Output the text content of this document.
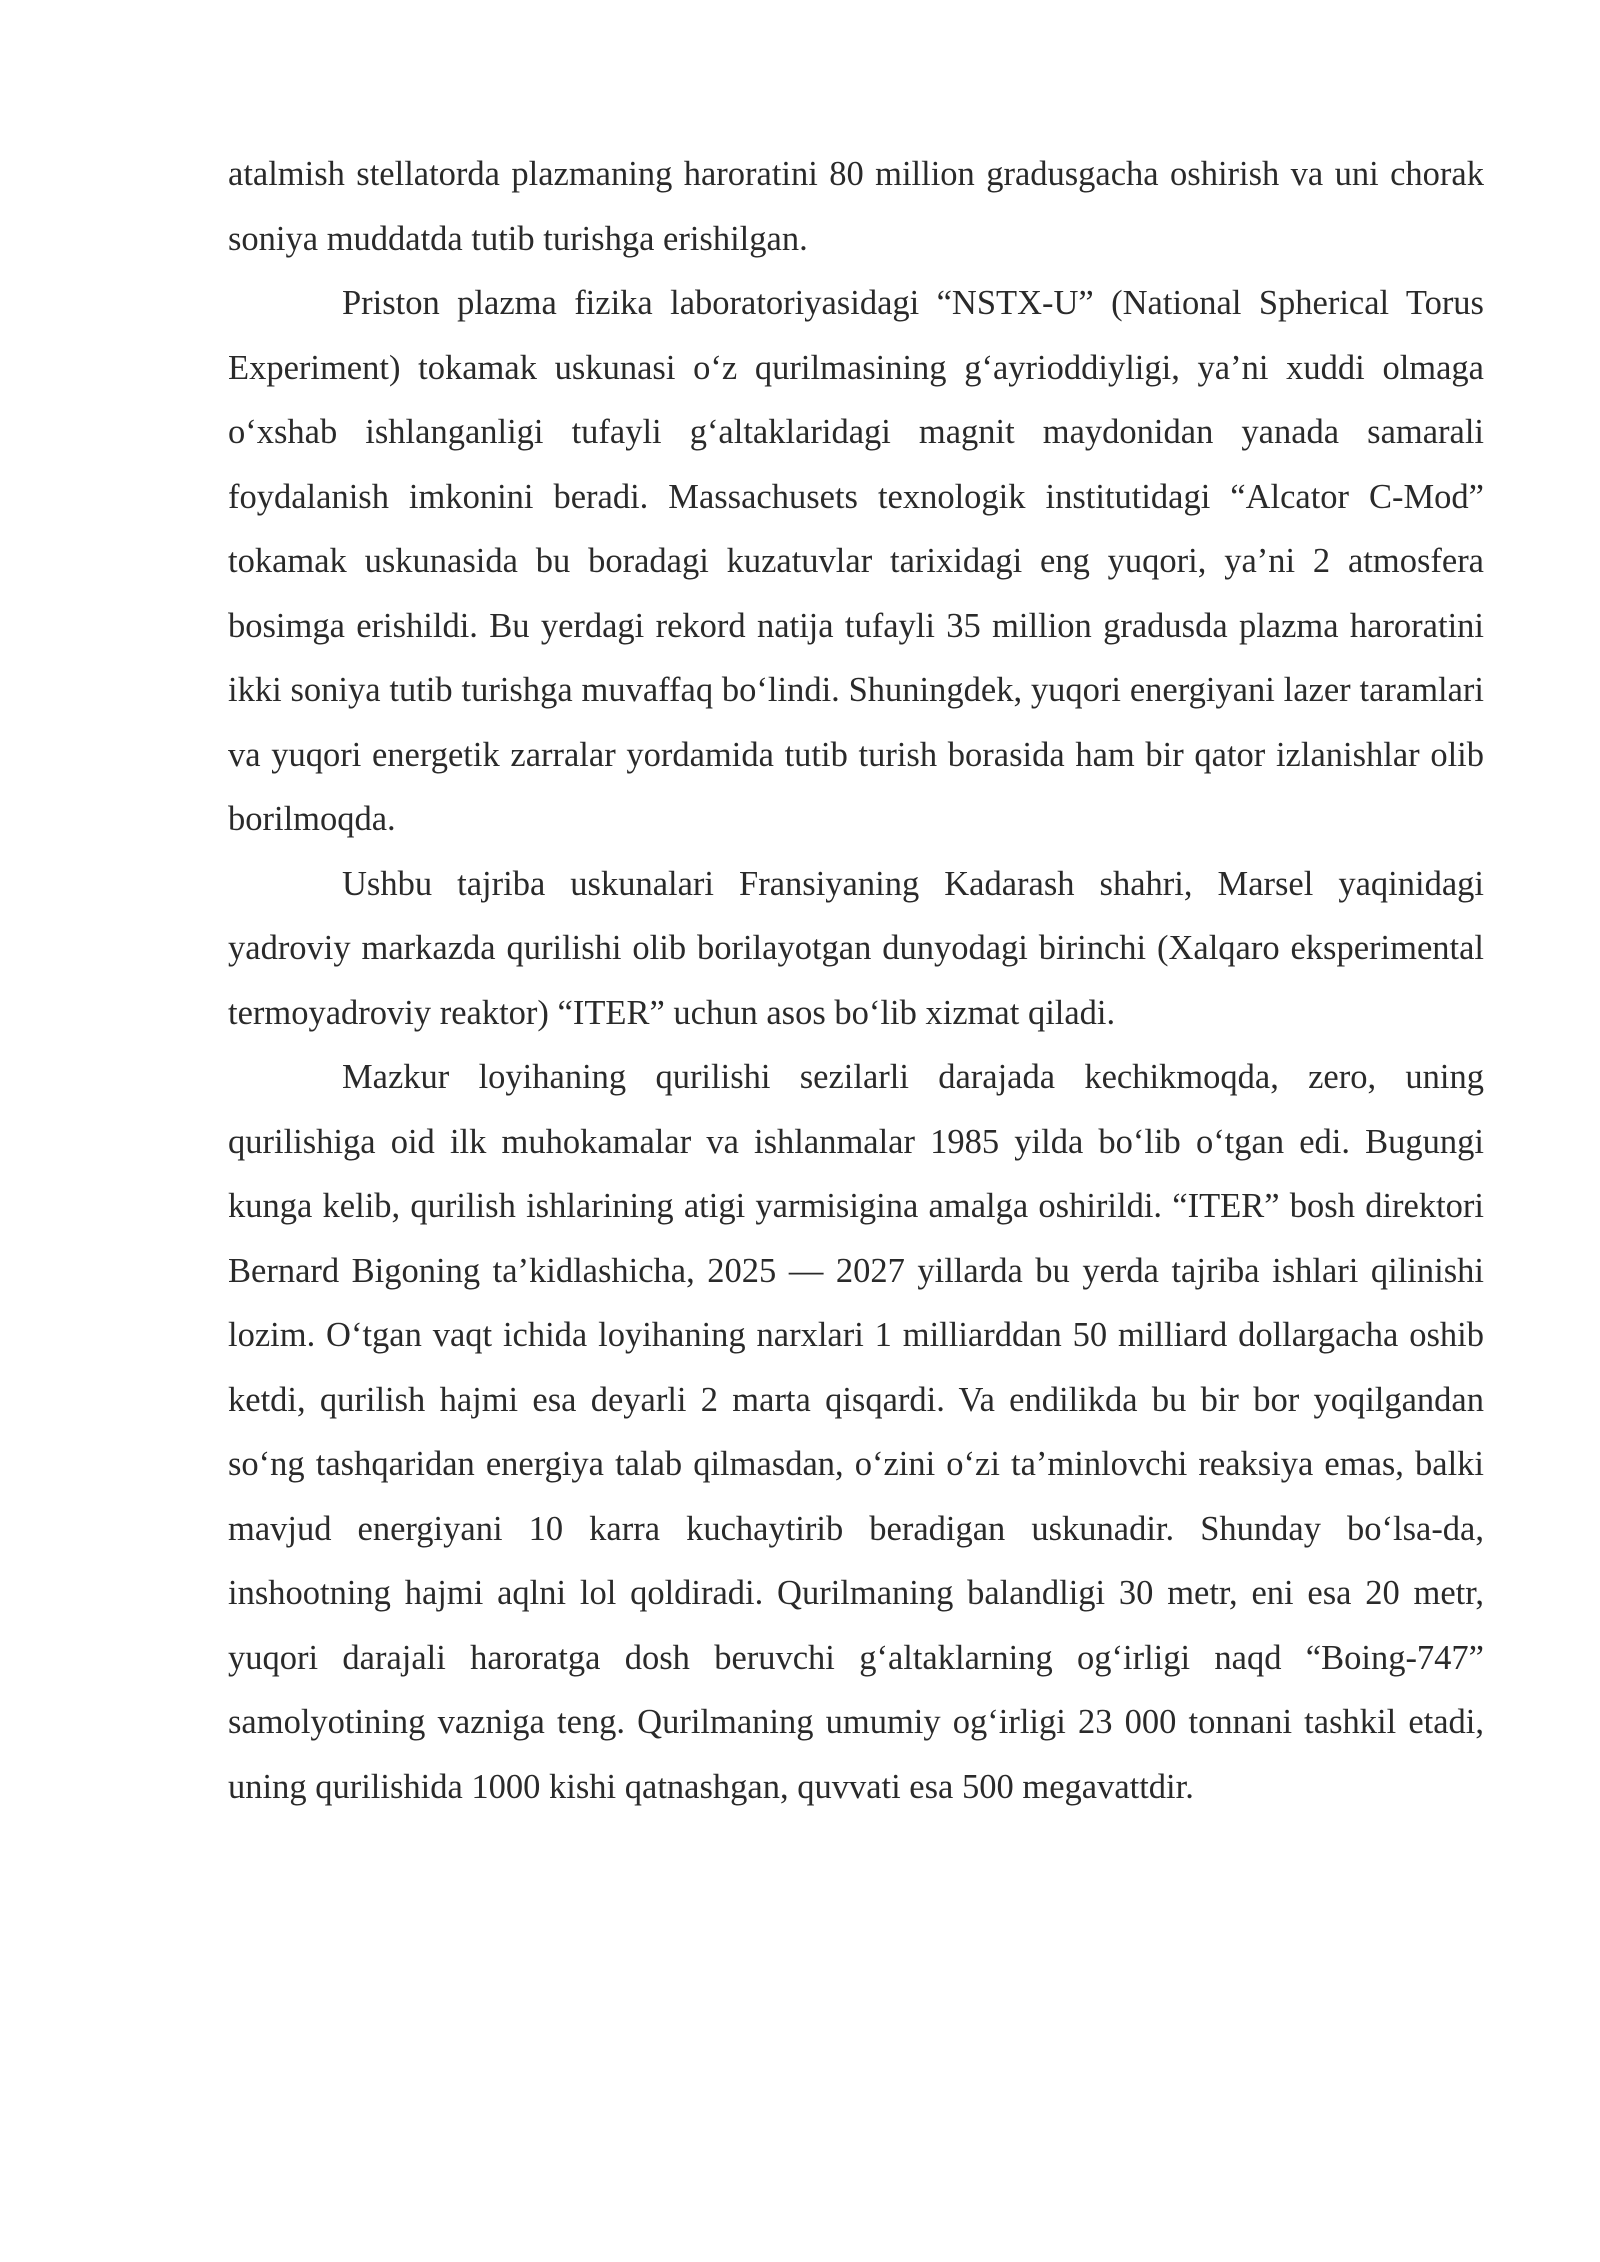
atalmish stellatorda plazmaning haroratini 80 million gradusgacha oshirish va uni chorak soniya muddatda tutib turishga erishilgan.

Priston plazma fizika laboratoriyasidagi “NSTX-U” (National Spherical Torus Experiment) tokamak uskunasi o‘z qurilmasining g‘ayrioddiyligi, ya’ni xuddi olmaga o‘xshab ishlanganligi tufayli g‘altaklaridagi magnit maydonidan yanada samarali foydalanish imkonini beradi. Massachusets texnologik institutidagi “Alcator C-Mod” tokamak uskunasida bu boradagi kuzatuvlar tarixidagi eng yuqori, ya’ni 2 atmosfera bosimga erishildi. Bu yerdagi rekord natija tufayli 35 million gradusda plazma haroratini ikki soniya tutib turishga muvaffaq bo‘lindi. Shuningdek, yuqori energiyani lazer taramlari va yuqori energetik zarralar yordamida tutib turish borasida ham bir qator izlanishlar olib borilmoqda.

Ushbu tajriba uskunalari Fransiyaning Kadarash shahri, Marsel yaqinidagi yadroviy markazda qurilishi olib borilayotgan dunyodagi birinchi (Xalqaro eksperimental termoyadroviy reaktor) “ITER” uchun asos bo‘lib xizmat qiladi.

Mazkur loyihaning qurilishi sezilarli darajada kechikmoqda, zero, uning qurilishiga oid ilk muhokamalar va ishlanmalar 1985 yilda bo‘lib o‘tgan edi. Bugungi kunga kelib, qurilish ishlarining atigi yarmisigina amalga oshirildi. “ITER” bosh direktori Bernard Bigoning ta’kidlashicha, 2025 — 2027 yillarda bu yerda tajriba ishlari qilinishi lozim. O‘tgan vaqt ichida loyihaning narxlari 1 milliarddan 50 milliard dollargacha oshib ketdi, qurilish hajmi esa deyarli 2 marta qisqardi. Va endilikda bu bir bor yoqilgandan so‘ng tashqaridan energiya talab qilmasdan, o‘zini o‘zi ta’minlovchi reaksiya emas, balki mavjud energiyani 10 karra kuchaytirib beradigan uskunadir. Shunday bo‘lsa-da, inshootning hajmi aqlni lol qoldiradi. Qurilmaning balandligi 30 metr, eni esa 20 metr, yuqori darajali haroratga dosh beruvchi g‘altaklarning og‘irligi naqd “Boing-747” samolyotining vazniga teng. Qurilmaning umumiy og‘irligi 23 000 tonnani tashkil etadi, uning qurilishida 1000 kishi qatnashgan, quvvati esa 500 megavattdir.
